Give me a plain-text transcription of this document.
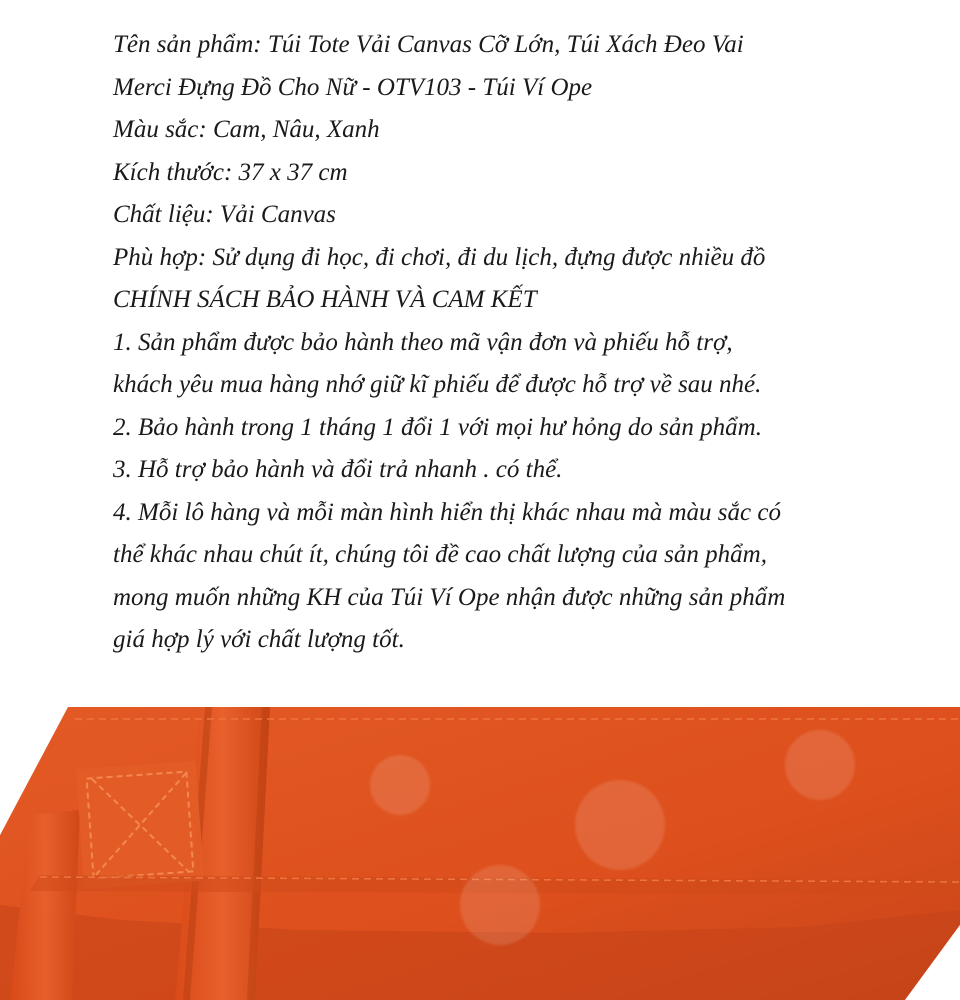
Tên sản phẩm: Túi Tote Vải Canvas Cỡ Lớn, Túi Xách Đeo Vai
Merci Đựng Đồ Cho Nữ - OTV103 - Túi Ví Ope
Màu sắc: Cam, Nâu, Xanh
Kích thước: 37 x 37 cm
Chất liệu: Vải Canvas
Phù hợp: Sử dụng đi học, đi chơi, đi du lịch, đựng được nhiều đồ
CHÍNH SÁCH BẢO HÀNH VÀ CAM KẾT
1. Sản phẩm được bảo hành theo mã vận đơn và phiếu hỗ trợ,
khách yêu mua hàng nhớ giữ kĩ phiếu để được hỗ trợ về sau nhé.
2. Bảo hành trong 1 tháng 1 đổi 1 với mọi hư hỏng do sản phẩm.
3. Hỗ trợ bảo hành và đổi trả nhanh . có thể.
4. Mỗi lô hàng và mỗi màn hình hiển thị khác nhau mà màu sắc có
thể khác nhau chút ít, chúng tôi đề cao chất lượng của sản phẩm,
mong muốn những KH của Túi Ví Ope nhận được những sản phẩm
giá hợp lý với chất lượng tốt.
